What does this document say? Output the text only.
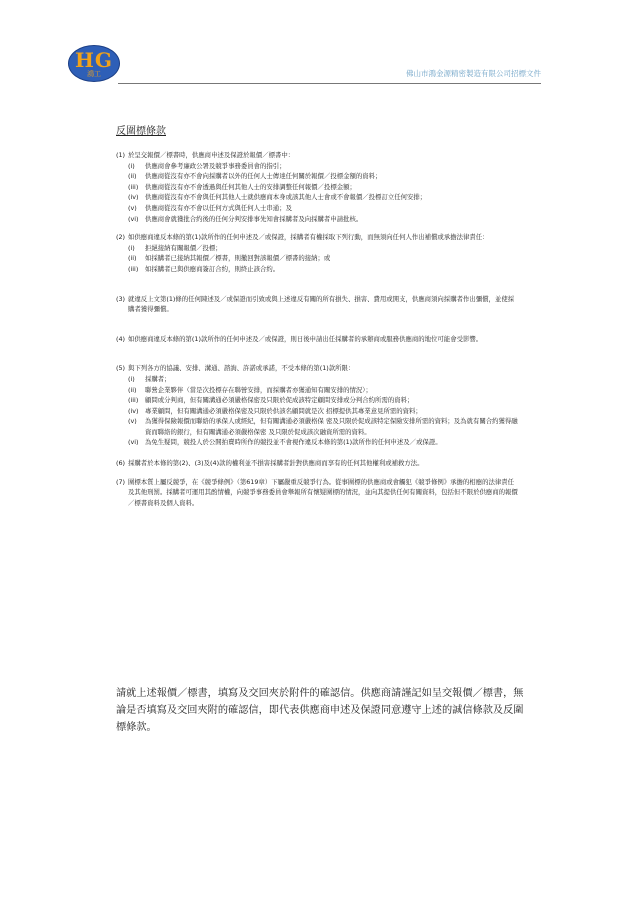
HG
鴻工	佛山市鴻金源精密製造有限公司招標文件
反圍標條款
(1) 於呈交報價／標書時，供應商申述及保證於報價／標書中：
(i)	供應商會參考廉政公署及競爭事務委員會的指引；
(ii)	供應商從沒有亦不會向採購者以外的任何人士傳達任何關於報價／投標金額的資料；
(iii)	供應商從沒有亦不會透過與任何其他人士的安排調整任何報價／投標金額；
(iv)	供應商從沒有亦不會與任何其他人士就供應商本身或該其他人士會或不會報價／投標訂立任何安排；
(v)	供應商從沒有亦不會以任何方式與任何人士串通；及
(vi)	供應商會就獲批合約後的任何分判安排事先知會採購者及向採購者申請批核。
(2) 如供應商違反本條的第(1)款所作的任何申述及／或保證，採購者有權採取下列行動，而無須向任何人作出補償或承擔法律責任：
(i)	拒絕接納有關報價／投標；
(ii)	如採購者已接納其報價／標書，則撤回對該報價／標書的接納；或
(iii)	如採購者已與供應商簽訂合約，則終止該合約。
(3) 就違反上文第(1)條的任何陳述及／或保證而引致或與上述違反有關的所有損失、損害、費用或開支，供應商須向採購者作出彌償，並使採購者獲得彌償。
(4) 如供應商違反本條的第(1)款所作的任何申述及／或保證，則日後申請出任採購者的承辦商或服務供應商的地位可能會受影響。
(5) 與下列各方的協議、安排、溝通、諮詢、許諾或承諾，不受本條的第(1)款所限：
(i)	採購者；
(ii)	聯營企業夥伴（當是次投標存在聯營安排，而採購者亦獲通知有關安排的情況）；
(iii)	顧問或分判商，但有關溝通必須嚴格保密及只限於促成該特定顧問安排或分判合約所需的資料；
(iv)	專業顧問，但有關溝通必須嚴格保密及只限於供該名顧問就是次 招標提供其專業意見所需的資料；
(v)	為獲得保險報價而聯絡的承保人或經紀，但有關溝通必須嚴格保 密及只限於促成該特定保險安排所需的資料；及為就有關合約獲得融資而聯絡的銀行，但有關溝通必須嚴格保密 及只限於促成該次融資所需的資料。
(vi)	為免生疑問，競投人於公開拍賣時所作的競投並不會視作違反本條的第(1)款所作的任何申述及／或保證。
(6) 採購者於本條的第(2)、(3)及(4)款的權利並不損害採購者針對供應商而享有的任何其他權利或補救方法。
(7) 圍標本質上屬反競爭，在《競爭條例》（第619章）下屬嚴重反競爭行為。從事圍標的供應商或會觸犯《競爭條例》承擔的相應的法律責任及其他刑罰。採購者可運用其酌情權，向競爭事務委員會舉報所有懷疑圍標的情況，並向其提供任何有關資料，包括但不限於供應商的報價／標書資料及個人資料。
請就上述報價／標書，填寫及交回夾於附件的確認信。供應商請謹記如呈交報價／標書，無論是否填寫及交回夾附的確認信，即代表供應商申述及保證同意遵守上述的誠信條款及反圍標條款。
